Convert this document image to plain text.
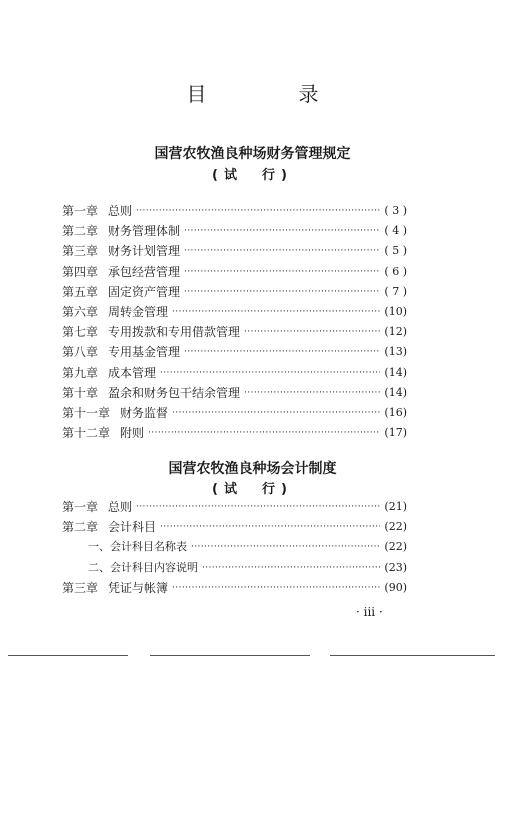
目　录
国营农牧渔良种场财务管理规定
(试　行)
第一章 总则 ·····	( 3 )
第二章 财务管理体制 ·····	( 4 )
第三章 财务计划管理 ·····	( 5 )
第四章 承包经营管理 ·····	( 6 )
第五章 固定资产管理 ·····	( 7 )
第六章 周转金管理 ·····	(10)
第七章 专用拨款和专用借款管理 ·····	(12)
第八章 专用基金管理 ·····	(13)
第九章 成本管理 ·····	(14)
第十章 盈余和财务包干结余管理 ·····	(14)
第十一章 财务监督 ·····	(16)
第十二章 附则 ·····	(17)
国营农牧渔良种场会计制度
(试　行)
第一章 总则 ·····	(21)
第二章 会计科目 ·····	(22)
一、会计科目名称表 ·····	(22)
二、会计科目内容说明 ·····	(23)
第三章 凭证与帐簿 ·····	(90)
· iii ·
